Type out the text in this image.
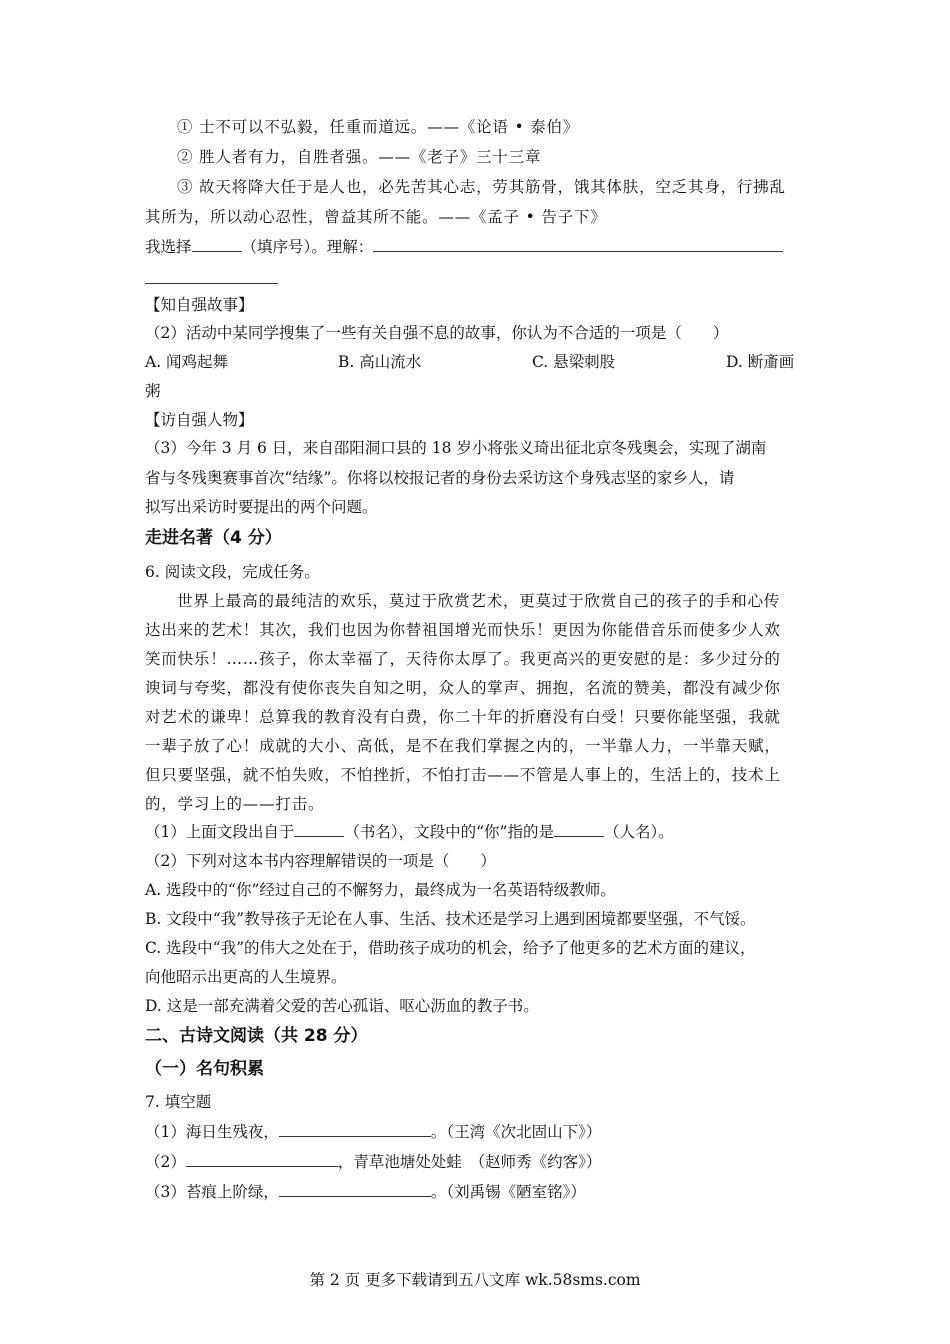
① 士不可以不弘毅，任重而道远。——《论语 • 泰伯》
② 胜人者有力，自胜者强。——《老子》三十三章
③ 故天将降大任于是人也，必先苦其心志，劳其筋骨，饿其体肤，空乏其身，行拂乱
其所为，所以动心忍性，曾益其所不能。——《孟子 • 告子下》
我选择	（填序号）。理解：
【知自强故事】
（2）活动中某同学搜集了一些有关自强不息的故事，你认为不合适的一项是（　　）
A. 闻鸡起舞	B. 高山流水	C. 悬梁刺股	D. 断齑画
粥
【访自强人物】
（3）今年 3 月 6 日，来自邵阳洞口县的 18 岁小将张义琦出征北京冬残奥会，实现了湖南
省与冬残奥赛事首次“结缘”。你将以校报记者的身份去采访这个身残志坚的家乡人，请
拟写出采访时要提出的两个问题。
走进名著（4 分）
6. 阅读文段，完成任务。
世界上最高的最纯洁的欢乐，莫过于欣赏艺术，更莫过于欣赏自己的孩子的手和心传
达出来的艺术！其次，我们也因为你替祖国增光而快乐！更因为你能借音乐而使多少人欢
笑而快乐！……孩子，你太幸福了，天待你太厚了。我更高兴的更安慰的是：多少过分的
谀词与夸奖，都没有使你丧失自知之明，众人的掌声、拥抱，名流的赞美，都没有减少你
对艺术的谦卑！总算我的教育没有白费，你二十年的折磨没有白受！只要你能坚强，我就
一辈子放了心！成就的大小、高低，是不在我们掌握之内的，一半靠人力，一半靠天赋，
但只要坚强，就不怕失败，不怕挫折，不怕打击——不管是人事上的，生活上的，技术上
的，学习上的——打击。
（1）上面文段出自于	（书名），文段中的“你”指的是	（人名）。
（2）下列对这本书内容理解错误的一项是（　　）
A. 选段中的“你”经过自己的不懈努力，最终成为一名英语特级教师。
B. 文段中“我”教导孩子无论在人事、生活、技术还是学习上遇到困境都要坚强，不气馁。
C. 选段中“我”的伟大之处在于，借助孩子成功的机会，给予了他更多的艺术方面的建议，
向他昭示出更高的人生境界。
D. 这是一部充满着父爱的苦心孤诣、呕心沥血的教子书。
二、古诗文阅读（共 28 分）
（一）名句积累
7. 填空题
（1）海日生残夜，	。（王湾《次北固山下》）
（2）	，青草池塘处处蛙　（赵师秀《约客》）
（3）苔痕上阶绿，	。（刘禹锡《陋室铭》）
第 2 页 更多下载请到五八文库 wk.58sms.com
